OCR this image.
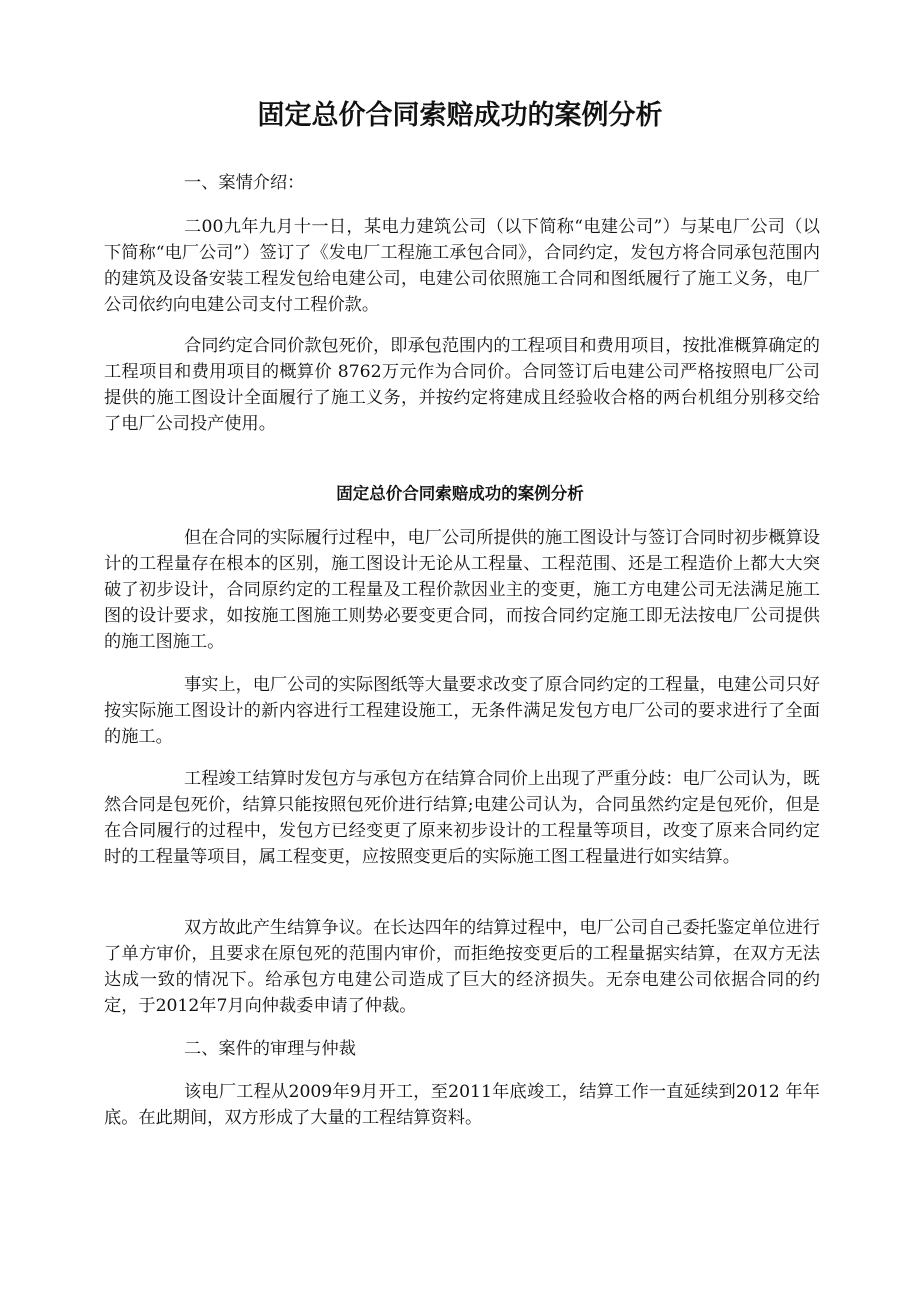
固定总价合同索赔成功的案例分析

一、案情介绍：

二00九年九月十一日，某电力建筑公司（以下简称“电建公司”）与某电厂公司（以下简称“电厂公司”）签订了《发电厂工程施工承包合同》，合同约定，发包方将合同承包范围内的建筑及设备安装工程发包给电建公司，电建公司依照施工合同和图纸履行了施工义务，电厂公司依约向电建公司支付工程价款。

合同约定合同价款包死价，即承包范围内的工程项目和费用项目，按批准概算确定的工程项目和费用项目的概算价 8762万元作为合同价。合同签订后电建公司严格按照电厂公司提供的施工图设计全面履行了施工义务，并按约定将建成且经验收合格的两台机组分别移交给了电厂公司投产使用。

固定总价合同索赔成功的案例分析

但在合同的实际履行过程中，电厂公司所提供的施工图设计与签订合同时初步概算设计的工程量存在根本的区别，施工图设计无论从工程量、工程范围、还是工程造价上都大大突破了初步设计，合同原约定的工程量及工程价款因业主的变更，施工方电建公司无法满足施工图的设计要求，如按施工图施工则势必要变更合同，而按合同约定施工即无法按电厂公司提供的施工图施工。

事实上，电厂公司的实际图纸等大量要求改变了原合同约定的工程量，电建公司只好按实际施工图设计的新内容进行工程建设施工，无条件满足发包方电厂公司的要求进行了全面的施工。

工程竣工结算时发包方与承包方在结算合同价上出现了严重分歧：电厂公司认为，既然合同是包死价，结算只能按照包死价进行结算;电建公司认为，合同虽然约定是包死价，但是在合同履行的过程中，发包方已经变更了原来初步设计的工程量等项目，改变了原来合同约定时的工程量等项目，属工程变更，应按照变更后的实际施工图工程量进行如实结算。

双方故此产生结算争议。在长达四年的结算过程中，电厂公司自己委托鉴定单位进行了单方审价，且要求在原包死的范围内审价，而拒绝按变更后的工程量据实结算，在双方无法达成一致的情况下。给承包方电建公司造成了巨大的经济损失。无奈电建公司依据合同的约定，于2012年7月向仲裁委申请了仲裁。

二、案件的审理与仲裁

该电厂工程从2009年9月开工，至2011年底竣工，结算工作一直延续到2012 年年底。在此期间，双方形成了大量的工程结算资料。
